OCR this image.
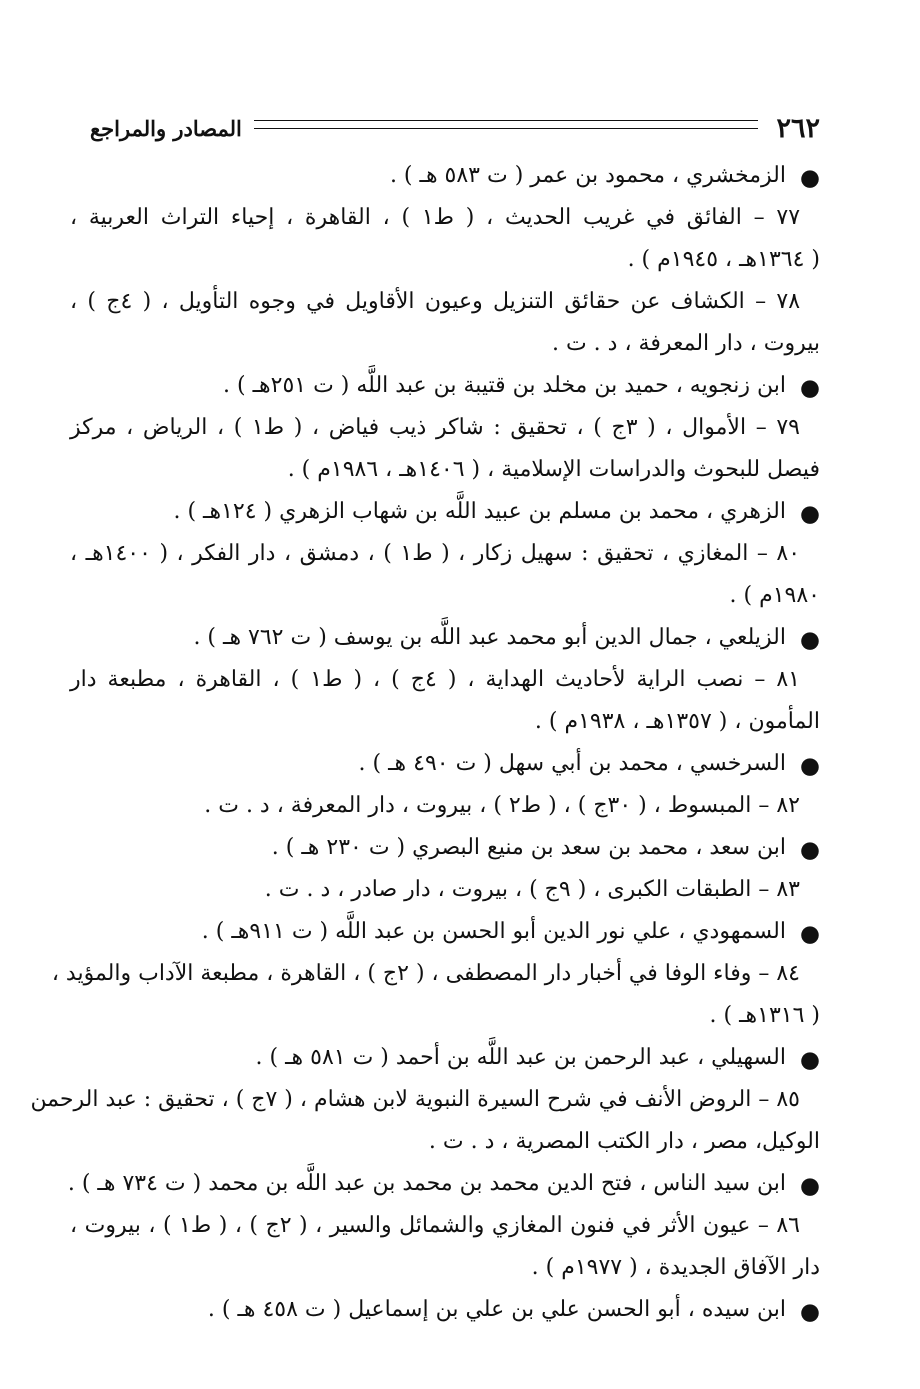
٢٦٢
المصادر والمراجع
●
الزمخشري ، محمود بن عمر ( ت ٥٨٣ هـ ) .
٧٧ – الفائق في غريب الحديث ، ( ط١ ) ، القاهرة ، إحياء التراث العربية ،
( ١٣٦٤هـ ، ١٩٤٥م ) .
٧٨ – الكشاف عن حقائق التنزيل وعيون الأقاويل في وجوه التأويل ، ( ٤ج ) ،
بيروت ، دار المعرفة ، د . ت .
●
ابن زنجويه ، حميد بن مخلد بن قتيبة بن عبد اللَّه ( ت ٢٥١هـ ) .
٧٩ – الأموال ، ( ٣ج ) ، تحقيق : شاكر ذيب فياض ، ( ط١ ) ، الرياض ، مركز
فيصل للبحوث والدراسات الإسلامية ، ( ١٤٠٦هـ ، ١٩٨٦م ) .
●
الزهري ، محمد بن مسلم بن عبيد اللَّه بن شهاب الزهري ( ١٢٤هـ ) .
٨٠ – المغازي ، تحقيق : سهيل زكار ، ( ط١ ) ، دمشق ، دار الفكر ، ( ١٤٠٠هـ ،
١٩٨٠م ) .
●
الزيلعي ، جمال الدين أبو محمد عبد اللَّه بن يوسف ( ت ٧٦٢ هـ ) .
٨١ – نصب الراية لأحاديث الهداية ، ( ٤ج ) ، ( ط١ ) ، القاهرة ، مطبعة دار
المأمون ، ( ١٣٥٧هـ ، ١٩٣٨م ) .
●
السرخسي ، محمد بن أبي سهل ( ت ٤٩٠ هـ ) .
٨٢ – المبسوط ، ( ٣٠ج ) ، ( ط٢ ) ، بيروت ، دار المعرفة ، د . ت .
●
ابن سعد ، محمد بن سعد بن منيع البصري ( ت ٢٣٠ هـ ) .
٨٣ – الطبقات الكبرى ، ( ٩ج ) ، بيروت ، دار صادر ، د . ت .
●
السمهودي ، علي نور الدين أبو الحسن بن عبد اللَّه ( ت ٩١١هـ ) .
٨٤ – وفاء الوفا في أخبار دار المصطفى ، ( ٢ج ) ، القاهرة ، مطبعة الآداب والمؤيد ،
( ١٣١٦هـ ) .
●
السهيلي ، عبد الرحمن بن عبد اللَّه بن أحمد ( ت ٥٨١ هـ ) .
٨٥ – الروض الأنف في شرح السيرة النبوية لابن هشام ، ( ٧ج ) ، تحقيق : عبد الرحمن
الوكيل، مصر ، دار الكتب المصرية ، د . ت .
●
ابن سيد الناس ، فتح الدين محمد بن محمد بن عبد اللَّه بن محمد ( ت ٧٣٤ هـ ) .
٨٦ – عيون الأثر في فنون المغازي والشمائل والسير ، ( ٢ج ) ، ( ط١ ) ، بيروت ،
دار الآفاق الجديدة ، ( ١٩٧٧م ) .
●
ابن سيده ، أبو الحسن علي بن علي بن إسماعيل ( ت ٤٥٨ هـ ) .
